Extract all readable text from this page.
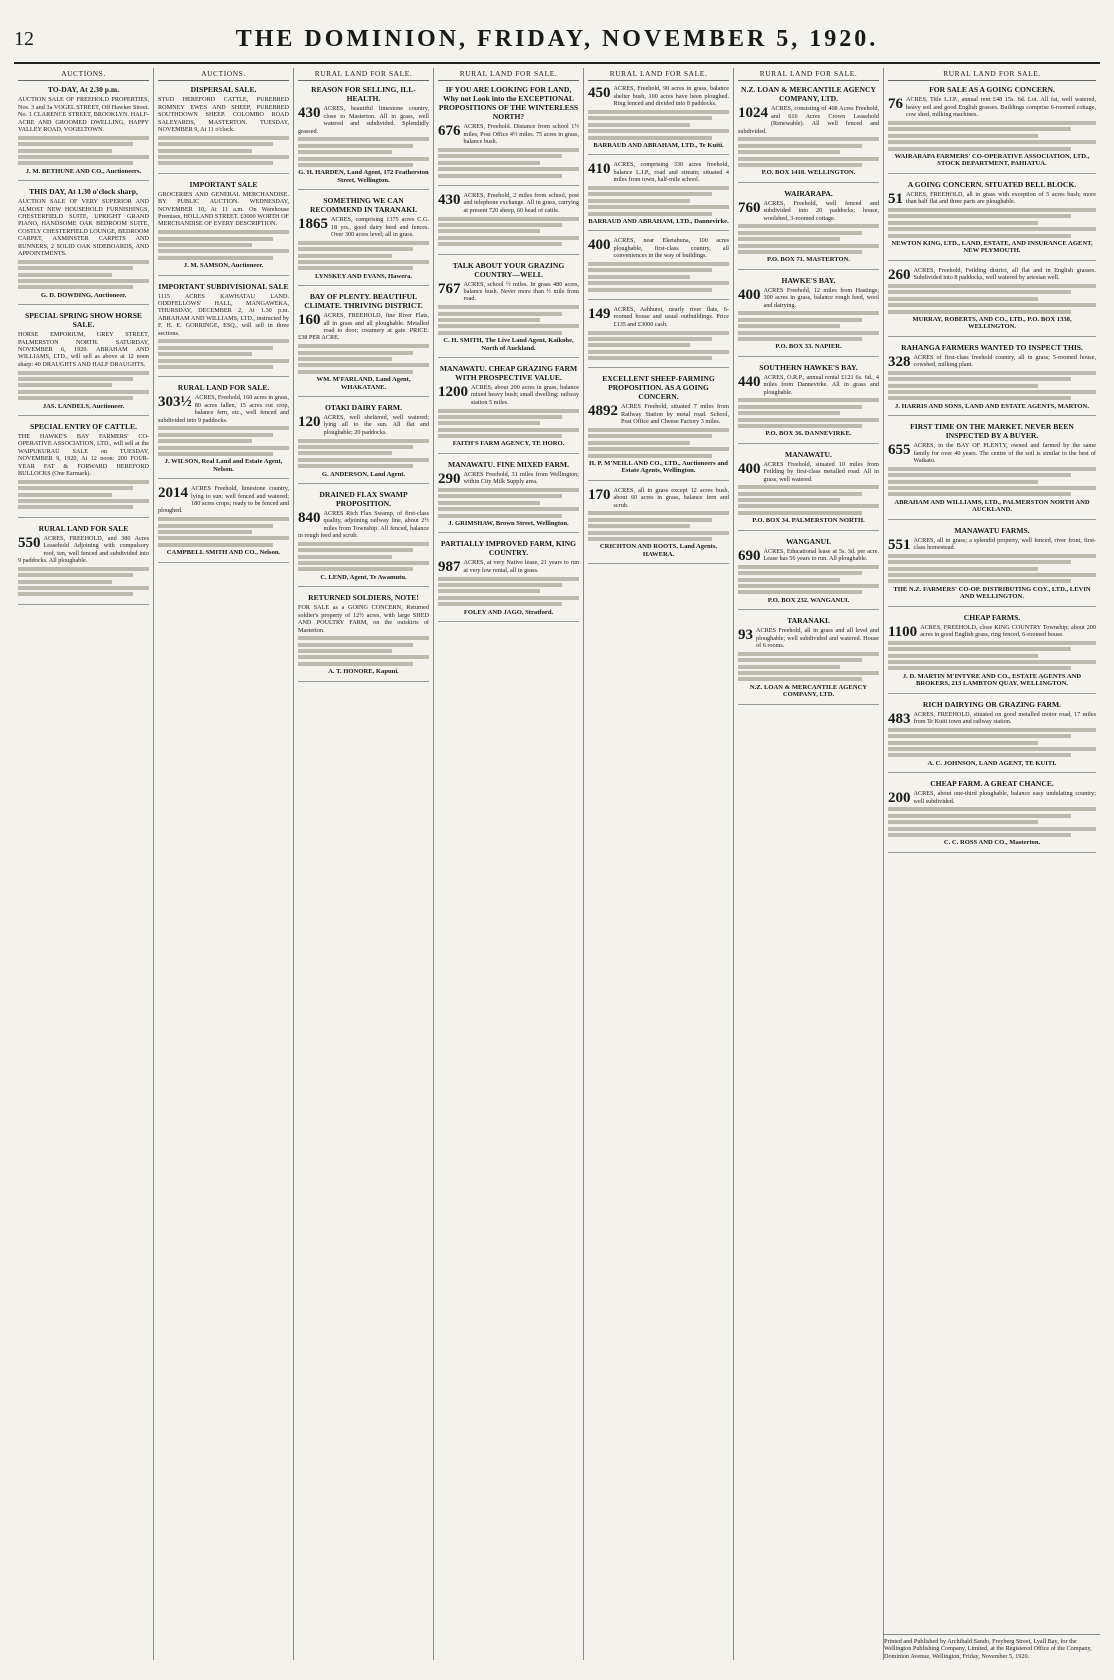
12	THE DOMINION, FRIDAY, NOVEMBER 5, 1920.
AUCTIONS.
TO-DAY, At 2.30 p.m.

AUCTION SALE OF FREEHOLD PROPERTIES, Nos. 3 and 3a VOGEL STREET, Off Hawker Street. No. 1 CLARENCE STREET, BROOKLYN. HALF-ACRE AND GROOMED DWELLING, HAPPY VALLEY ROAD, VOGELTOWN.

J. M. BETHUNE AND CO., Auctioneers.
THIS DAY, At 1.30 o'clock sharp,

AUCTION SALE OF VERY SUPERIOR AND ALMOST NEW HOUSEHOLD FURNISHINGS, CHESTERFIELD SUITE, UPRIGHT GRAND PIANO, HANDSOME OAK BEDROOM SUITE, COSTLY CHESTERFIELD LOUNGE, BEDROOM CARPET, AXMINSTER CARPETS AND RUNNERS, 2 SOLID OAK SIDEBOARDS, AND APPOINTMENTS.

G. D. DOWDING, Auctioneer.
SPECIAL SPRING SHOW HORSE SALE.

HORSE EMPORIUM, GREY STREET, PALMERSTON NORTH. SATURDAY, NOVEMBER 6, 1920. ABRAHAM AND WILLIAMS, LTD., will sell as above at 12 noon sharp: 40 DRAUGHTS AND HALF DRAUGHTS.

JAS. LANDELS, Auctioneer.
SPECIAL ENTRY OF CATTLE.

THE HAWKE'S BAY FARMERS' CO-OPERATIVE ASSOCIATION, LTD., will sell at the WAIPUKURAU SALE on TUESDAY, NOVEMBER 9, 1920, At 12 noon: 200 FOUR-YEAR FAT & FORWARD HEREFORD BULLOCKS (One Earmark).

RURAL LAND FOR SALE

550 ACRES, FREEHOLD, and 380 Acres Leasehold Adjoining with compulsory roof, ten, well fenced and subdivided into 9 paddocks. All ploughable.

AUCTIONS.
DISPERSAL SALE.

STUD HEREFORD CATTLE, PUREBRED ROMNEY EWES AND SHEEP, PUREBRED SOUTHDOWN SHEEP. COLOMBO ROAD SALEYARDS, MASTERTON. TUESDAY, NOVEMBER 9, At 11 o'clock.

IMPORTANT SALE

GROCERIES AND GENERAL MERCHANDISE. BY PUBLIC AUCTION. WEDNESDAY, NOVEMBER 10, At 11 a.m. On Warehouse Premises, HOLLAND STREET. £3000 WORTH OF MERCHANDISE OF EVERY DESCRIPTION.

J. M. SAMSON, Auctioneer.
IMPORTANT SUBDIVISIONAL SALE

1115 ACRES KAWHATAU LAND. ODDFELLOWS' HALL, MANGAWEKA, THURSDAY, DECEMBER 2, At 1.30 p.m. ABRAHAM AND WILLIAMS, LTD., instructed by F. H. E. GORRINGE, ESQ., will sell in three sections.

RURAL LAND FOR SALE.

303½ ACRES, Freehold, 160 acres in grass, 80 acres fallen, 15 acres cut crop, balance fern, etc., well fenced and subdivided into 9 paddocks.

J. WILSON, Real Land and Estate Agent, Nelson.

2014 ACRES Freehold, limestone country, lying to sun; well fenced and watered; 180 acres crops; ready to be fenced and ploughed.

CAMPBELL SMITH AND CO., Nelson.
RURAL LAND FOR SALE.
REASON FOR SELLING, ILL-HEALTH.

430 ACRES, beautiful limestone country, close to Masterton. All in grass, well watered and subdivided. Splendidly grassed.

G. H. HARDEN, Land Agent, 172 Featherston Street, Wellington.
SOMETHING WE CAN RECOMMEND IN TARANAKI.

1865 ACRES, comprising 1375 acres C.G. 18 yrs., good dairy herd and fences. Over 300 acres level; all in grass.

LYNSKEY AND EVANS, Hawera.
BAY OF PLENTY. BEAUTIFUL CLIMATE. THRIVING DISTRICT.

160 ACRES, FREEHOLD, fine River Flats, all in grass and all ploughable. Metalled road to door; creamery at gate. PRICE: £38 PER ACRE.

WM. M'FARLAND, Land Agent, WHAKATANE.
OTAKI DAIRY FARM.

120 ACRES, well sheltered, well watered; lying all to the sun. All flat and ploughable; 20 paddocks.

G. ANDERSON, Land Agent.
DRAINED FLAX SWAMP PROPOSITION.

840 ACRES Rich Flax Swamp, of first-class quality, adjoining railway line, about 2½ miles from Township. All fenced, balance in rough feed and scrub.

C. LEND, Agent, Te Awamutu.
RETURNED SOLDIERS, NOTE!

FOR SALE as a GOING CONCERN, Returned soldier's property of 12½ acres, with large SHED AND POULTRY FARM, on the outskirts of Masterton.

A. T. HONORE, Kapuni.
RURAL LAND FOR SALE.
IF YOU ARE LOOKING FOR LAND, Why not Look into the EXCEPTIONAL PROPOSITIONS OF THE WINTERLESS NORTH?

676 ACRES, Freehold. Distance from school 1½ miles, Post Office 4½ miles. 75 acres in grass, balance bush.

430 ACRES, Freehold, 2 miles from school, post and telephone exchange. All in grass, carrying at present 720 sheep, 60 head of cattle.

TALK ABOUT YOUR GRAZING COUNTRY—WELL

767 ACRES, school ½ miles. In grass 480 acres, balance bush. Never more than ½ mile from road.

C. H. SMITH, The Live Land Agent, Kaikohe, North of Auckland.
MANAWATU. CHEAP GRAZING FARM WITH PROSPECTIVE VALUE.

1200 ACRES, about 200 acres in grass, balance mixed heavy bush; small dwelling; railway station 5 miles.

FAITH'S FARM AGENCY, TE HORO.
MANAWATU. FINE MIXED FARM.

290 ACRES Freehold, 31 miles from Wellington; within City Milk Supply area.

J. GRIMSHAW, Brown Street, Wellington.
PARTIALLY IMPROVED FARM, KING COUNTRY.

987 ACRES, at very Native lease, 21 years to run at very low rental, all in grass.

FOLEY AND JAGO, Stratford.
RURAL LAND FOR SALE.

450 ACRES, Freehold, 90 acres in grass, balance shelter bush, 100 acres have been ploughed. Ring fenced and divided into 8 paddocks.

BARRAUD AND ABRAHAM, LTD., Te Kuiti.

410 ACRES, comprising 330 acres freehold, balance L.I.P., road and stream; situated 4 miles from town, half-mile school.

BARRAUD AND ABRAHAM, LTD., Dannevirke.

400 ACRES, near Eketahuna, 100 acres ploughable, first-class country, all conveniences in the way of buildings.

149 ACRES, Ashhurst, nearly river flats, 6-roomed house and usual outbuildings. Price £135 and £3000 cash.

EXCELLENT SHEEP-FARMING PROPOSITION. AS A GOING CONCERN.

4892 ACRES Freehold, situated 7 miles from Railway Station by metal road. School, Post Office and Cheese Factory 3 miles.

H. P. M'NEILL AND CO., LTD., Auctioneers and Estate Agents, Wellington.

170 ACRES, all in grass except 12 acres bush, about 60 acres in grass, balance fern and scrub.

CRICHTON AND ROOTS, Land Agents, HAWERA.
RURAL LAND FOR SALE.
N.Z. LOAN & MERCANTILE AGENCY COMPANY, LTD.

1024 ACRES, consisting of 408 Acres Freehold, and 616 Acres Crown Leasehold (Renewable). All well fenced and subdivided.

P.O. BOX 1418. WELLINGTON.
WAIRARAPA.

760 ACRES, Freehold, well fenced and subdivided into 20 paddocks; house, woolshed, 3-roomed cottage.

P.O. BOX 71. MASTERTON.
HAWKE'S BAY.

400 ACRES Freehold, 12 miles from Hastings; 300 acres in grass, balance rough feed, wool and dairying.

P.O. BOX 33. NAPIER.
SOUTHERN HAWKE'S BAY.

440 ACRES, O.R.P., annual rental £121 6s. 6d., 4 miles from Dannevirke. All in grass and ploughable.

P.O. BOX 36. DANNEVIRKE.
MANAWATU.

400 ACRES Freehold, situated 10 miles from Feilding by first-class metalled road. All in grass, well watered.

P.O. BOX 34. PALMERSTON NORTH.
WANGANUI.

690 ACRES, Educational lease at 5s. 3d. per acre. Lease has 56 years to run. All ploughable.

P.O. BOX 232. WANGANUI.
TARANAKI.

93 ACRES Freehold, all in grass and all level and ploughable; well subdivided and watered. House of 6 rooms.

N.Z. LOAN & MERCANTILE AGENCY COMPANY, LTD.
RURAL LAND FOR SALE.
FOR SALE AS A GOING CONCERN.

76 ACRES, Title L.I.P., annual rent £48 15s. 6d. Lot. All fat, well watered, heavy soil and good English grasses. Buildings comprise 6-roomed cottage, cow shed, milking machines.

WAIRARAPA FARMERS' CO-OPERATIVE ASSOCIATION, LTD., STOCK DEPARTMENT, PAHIATUA.
A GOING CONCERN. SITUATED BELL BLOCK.

51 ACRES, FREEHOLD, all in grass with exception of 5 acres bush; more than half flat and three parts are ploughable.

NEWTON KING, LTD., LAND, ESTATE, AND INSURANCE AGENT, NEW PLYMOUTH.

260 ACRES, Freehold, Feilding district, all flat and in English grasses. Subdivided into 8 paddocks, well watered by artesian well.

MURRAY, ROBERTS, AND CO., LTD., P.O. BOX 1338, WELLINGTON.
RAHANGA FARMERS WANTED TO INSPECT THIS.

328 ACRES of first-class freehold country, all in grass; 5-roomed house, cowshed, milking plant.

J. HARRIS AND SONS, LAND AND ESTATE AGENTS, MARTON.
FIRST TIME ON THE MARKET. NEVER BEEN INSPECTED BY A BUYER.

655 ACRES, in the BAY OF PLENTY, owned and farmed by the same family for over 40 years. The centre of the soil is similar to the best of Waikato.

ABRAHAM AND WILLIAMS, LTD., PALMERSTON NORTH AND AUCKLAND.
MANAWATU FARMS.

551 ACRES, all in grass; a splendid property, well fenced, river front, first-class homestead.

THE N.Z. FARMERS' CO-OP. DISTRIBUTING COY., LTD., LEVIN AND WELLINGTON.
CHEAP FARMS.

1100 ACRES, FREEHOLD, close KING COUNTRY Township; about 200 acres in good English grass, ring fenced, 6-roomed house.

J. D. MARTIN M'INTYRE AND CO., ESTATE AGENTS AND BROKERS, 213 LAMBTON QUAY, WELLINGTON.
RICH DAIRYING OR GRAZING FARM.

483 ACRES, FREEHOLD, situated on good metalled motor road, 17 miles from Te Kuiti town and railway station.

A. C. JOHNSON, LAND AGENT, TE KUITI.
CHEAP FARM. A GREAT CHANCE.

200 ACRES, about one-third ploughable, balance easy undulating country; well subdivided.

C. C. ROSS AND CO., Masterton.
Printed and Published by Archibald Sando, Freyberg Street, Lyall Bay, for the Wellington Publishing Company, Limited, at the Registered Office of the Company, Dominion Avenue, Wellington, Friday, November 5, 1920.
